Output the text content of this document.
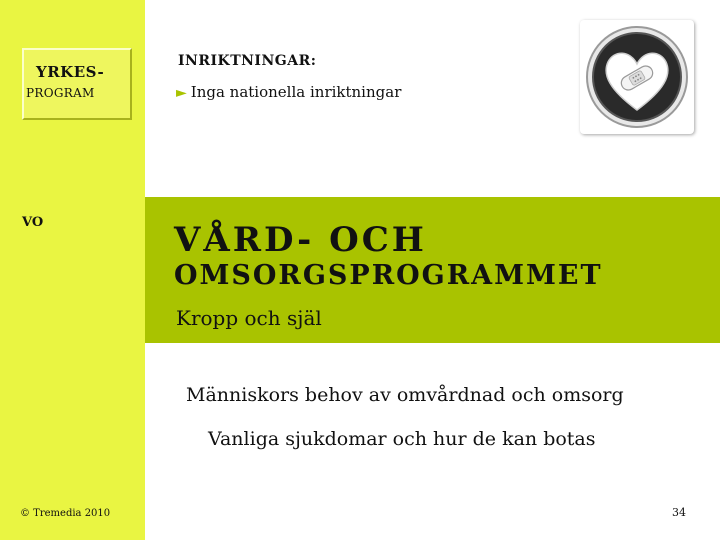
YRKES-
PROGRAM
VO
INRIKTNINGAR:
► Inga nationella inriktningar
VÅRD- OCH
OMSORGSPROGRAMMET
Kropp och själ
Människors behov av omvårdnad och omsorg
Vanliga sjukdomar och hur de kan botas
© Tremedia 2010	34
